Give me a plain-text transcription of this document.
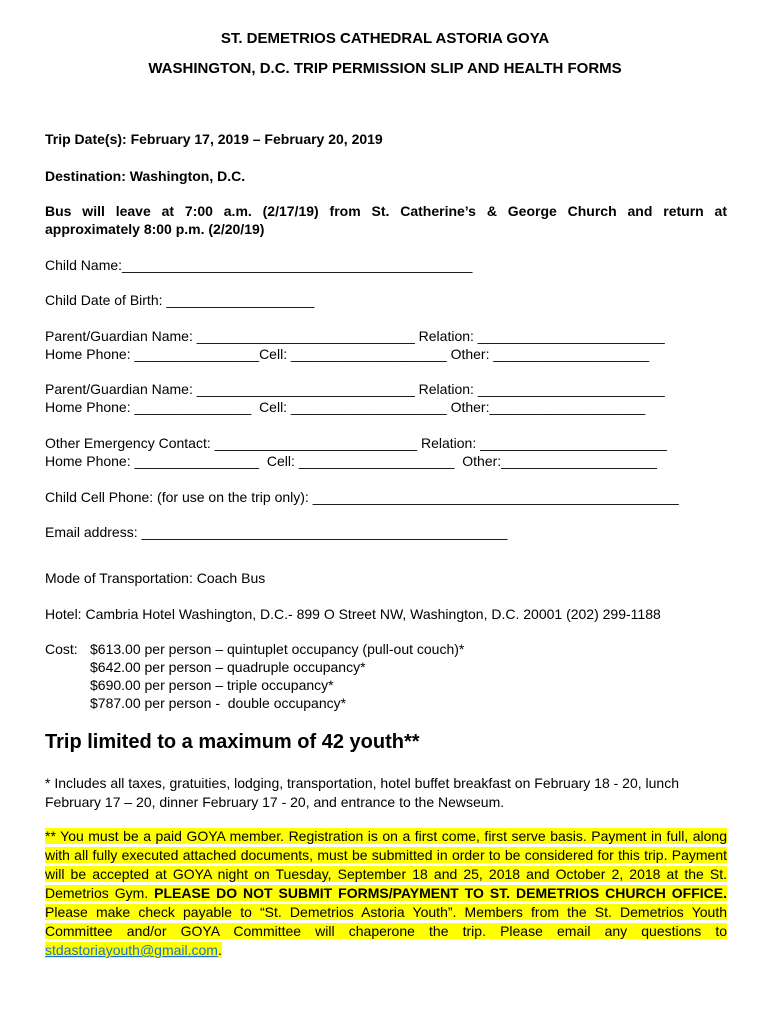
ST. DEMETRIOS CATHEDRAL ASTORIA GOYA
WASHINGTON, D.C. TRIP PERMISSION SLIP AND HEALTH FORMS
Trip Date(s): February 17, 2019 – February 20, 2019
Destination: Washington, D.C.
Bus will leave at 7:00 a.m. (2/17/19) from St. Catherine’s & George Church and return at
approximately 8:00 p.m. (2/20/19)
Child Name:_____________________________________________
Child Date of Birth: ___________________
Parent/Guardian Name: ____________________________ Relation: ________________________
Home Phone: ________________Cell: ____________________ Other: ____________________
Parent/Guardian Name: ____________________________ Relation: ________________________
Home Phone: _______________  Cell: ____________________ Other:____________________
Other Emergency Contact: __________________________ Relation: ________________________
Home Phone: ________________  Cell: ____________________  Other:____________________
Child Cell Phone: (for use on the trip only): _______________________________________________
Email address: _______________________________________________
Mode of Transportation: Coach Bus
Hotel: Cambria Hotel Washington, D.C.- 899 O Street NW, Washington, D.C. 20001 (202) 299-1188
Cost: $613.00 per person – quintuplet occupancy (pull-out couch)*
$642.00 per person – quadruple occupancy*
$690.00 per person – triple occupancy*
$787.00 per person -  double occupancy*
Trip limited to a maximum of 42 youth**
* Includes all taxes, gratuities, lodging, transportation, hotel buffet breakfast on February 18 - 20, lunch February 17 – 20, dinner February 17 - 20, and entrance to the Newseum.
** You must be a paid GOYA member. Registration is on a first come, first serve basis. Payment in full, along with all fully executed attached documents, must be submitted in order to be considered for this trip. Payment will be accepted at GOYA night on Tuesday, September 18 and 25, 2018 and October 2, 2018 at the St. Demetrios Gym. PLEASE DO NOT SUBMIT FORMS/PAYMENT TO ST. DEMETRIOS CHURCH OFFICE. Please make check payable to “St. Demetrios Astoria Youth”. Members from the St. Demetrios Youth Committee and/or GOYA Committee will chaperone the trip. Please email any questions to stdastoriayouth@gmail.com.
